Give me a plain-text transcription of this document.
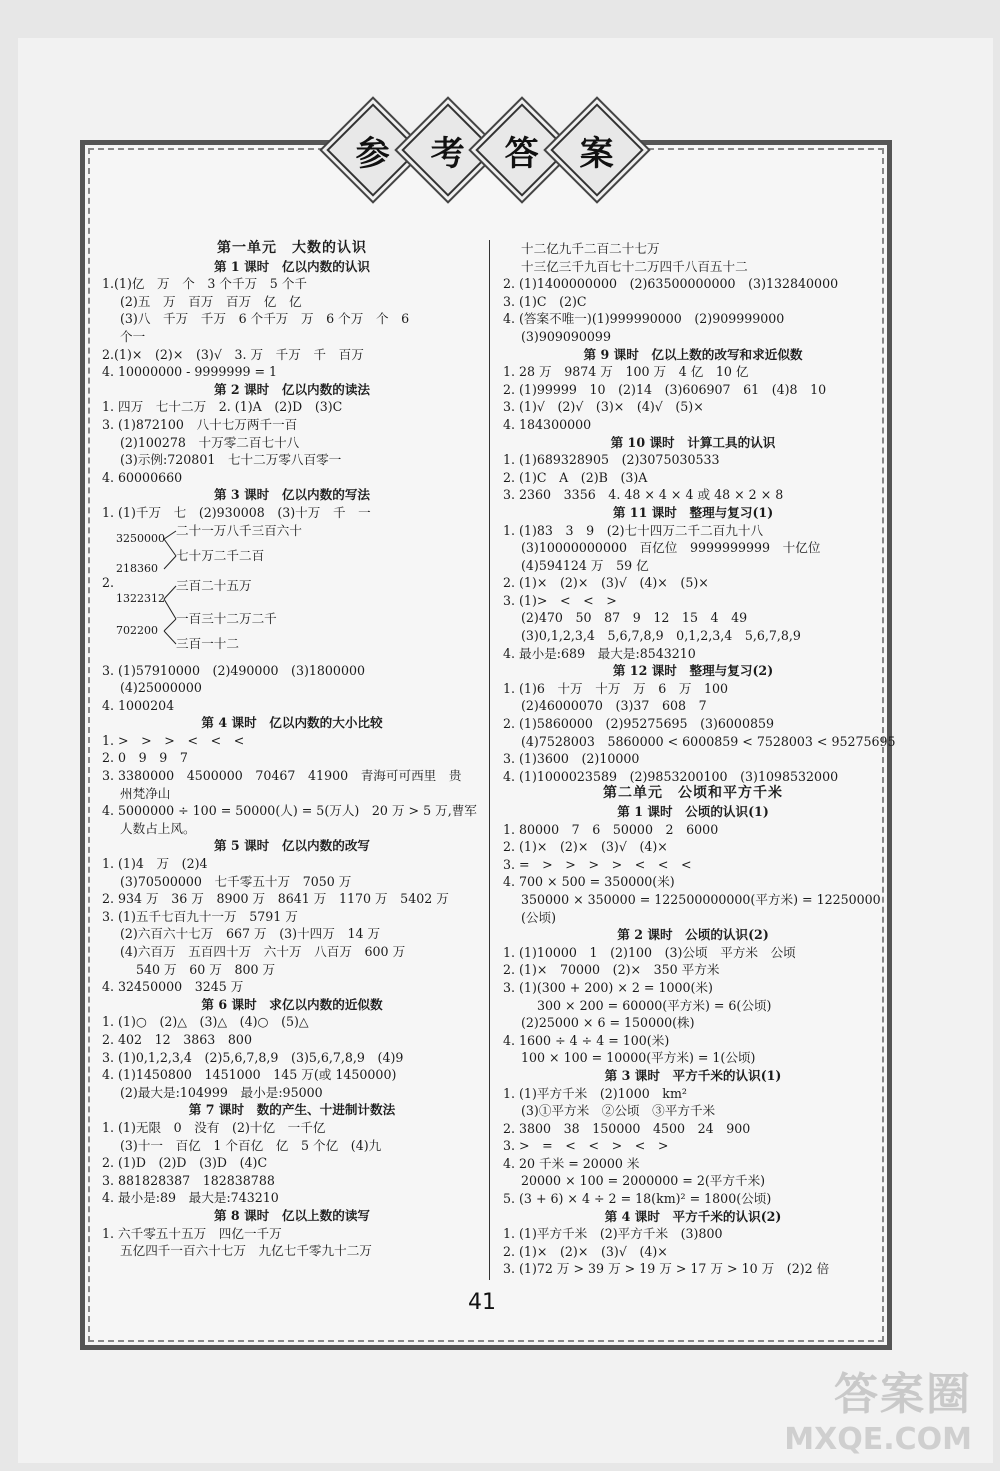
参 考 答 案
第一单元　大数的认识
第 1 课时　亿以内数的认识
1.(1)亿　万　个　3 个千万　5 个千
(2)五　万　百万　百万　亿　亿
(3)八　千万　千万　6 个千万　万　6 个万　个　6
个一
2.(1)×　(2)×　(3)√　3. 万　千万　千　百万
4. 10000000 - 9999999 = 1
第 2 课时　亿以内数的读法
1. 四万　七十二万　2. (1)A　(2)D　(3)C
3. (1)872100　八十七万两千一百
(2)100278　十万零二百七十八
(3)示例:720801　七十二万零八百零一
4. 60000660
第 3 课时　亿以内数的写法
1. (1)千万　七　(2)930008　(3)十万　千　一
2.
3250000
218360
1322312
702200
二十一万八千三百六十
七十万二千二百
三百二十五万
一百三十二万二千
三百一十二
3. (1)57910000　(2)490000　(3)1800000
(4)25000000
4. 1000204
第 4 课时　亿以内数的大小比较
1. >　>　>　<　<　<
2. 0　9　9　7
3. 3380000　4500000　70467　41900　青海可可西里　贵
州梵净山
4. 5000000 ÷ 100 = 50000(人) = 5(万人)　20 万 > 5 万,曹军
人数占上风。
第 5 课时　亿以内数的改写
1. (1)4　万　(2)4
(3)70500000　七千零五十万　7050 万
2. 934 万　36 万　8900 万　8641 万　1170 万　5402 万
3. (1)五千七百九十一万　5791 万
(2)六百六十七万　667 万　(3)十四万　14 万
(4)六百万　五百四十万　六十万　八百万　600 万
540 万　60 万　800 万
4. 32450000　3245 万
第 6 课时　求亿以内数的近似数
1. (1)○　(2)△　(3)△　(4)○　(5)△
2. 402　12　3863　800
3. (1)0,1,2,3,4　(2)5,6,7,8,9　(3)5,6,7,8,9　(4)9
4. (1)1450800　1451000　145 万(或 1450000)
(2)最大是:104999　最小是:95000
第 7 课时　数的产生、十进制计数法
1. (1)无限　0　没有　(2)十亿　一千亿
(3)十一　百亿　1 个百亿　亿　5 个亿　(4)九
2. (1)D　(2)D　(3)D　(4)C
3. 881828387　182838788
4. 最小是:89　最大是:743210
第 8 课时　亿以上数的读写
1. 六千零五十五万　四亿一千万
五亿四千一百六十七万　九亿七千零九十二万
十二亿九千二百二十七万
十三亿三千九百七十二万四千八百五十二
2. (1)1400000000　(2)63500000000　(3)132840000
3. (1)C　(2)C
4. (答案不唯一)(1)999990000　(2)909999000
(3)909090099
第 9 课时　亿以上数的改写和求近似数
1. 28 万　9874 万　100 万　4 亿　10 亿
2. (1)99999　10　(2)14　(3)606907　61　(4)8　10
3. (1)√　(2)√　(3)×　(4)√　(5)×
4. 184300000
第 10 课时　计算工具的认识
1. (1)689328905　(2)3075030533
2. (1)C　A　(2)B　(3)A
3. 2360　3356　4. 48 × 4 × 4 或 48 × 2 × 8
第 11 课时　整理与复习(1)
1. (1)83　3　9　(2)七十四万二千二百九十八
(3)10000000000　百亿位　9999999999　十亿位
(4)594124 万　59 亿
2. (1)×　(2)×　(3)√　(4)×　(5)×
3. (1)>　<　<　>
(2)470　50　87　9　12　15　4　49
(3)0,1,2,3,4　5,6,7,8,9　0,1,2,3,4　5,6,7,8,9
4. 最小是:689　最大是:8543210
第 12 课时　整理与复习(2)
1. (1)6　十万　十万　万　6　万　100
(2)46000070　(3)37　608　7
2. (1)5860000　(2)95275695　(3)6000859
(4)7528003　5860000 < 6000859 < 7528003 < 95275695
3. (1)3600　(2)10000
4. (1)1000023589　(2)9853200100　(3)1098532000
第二单元　公顷和平方千米
第 1 课时　公顷的认识(1)
1. 80000　7　6　50000　2　6000
2. (1)×　(2)×　(3)√　(4)×
3. =　>　>　>　>　<　<　<
4. 700 × 500 = 350000(米)
350000 × 350000 = 122500000000(平方米) = 12250000
(公顷)
第 2 课时　公顷的认识(2)
1. (1)10000　1　(2)100　(3)公顷　平方米　公顷
2. (1)×　70000　(2)×　350 平方米
3. (1)(300 + 200) × 2 = 1000(米)
300 × 200 = 60000(平方米) = 6(公顷)
(2)25000 × 6 = 150000(株)
4. 1600 ÷ 4 ÷ 4 = 100(米)
100 × 100 = 10000(平方米) = 1(公顷)
第 3 课时　平方千米的认识(1)
1. (1)平方千米　(2)1000　km²
(3)①平方米　②公顷　③平方千米
2. 3800　38　150000　4500　24　900
3. >　=　<　<　>　<　>
4. 20 千米 = 20000 米
20000 × 100 = 2000000 = 2(平方千米)
5. (3 + 6) × 4 ÷ 2 = 18(km)² = 1800(公顷)
第 4 课时　平方千米的认识(2)
1. (1)平方千米　(2)平方千米　(3)800
2. (1)×　(2)×　(3)√　(4)×
3. (1)72 万 > 39 万 > 19 万 > 17 万 > 10 万　(2)2 倍
41
答案圈
MXQE.COM
